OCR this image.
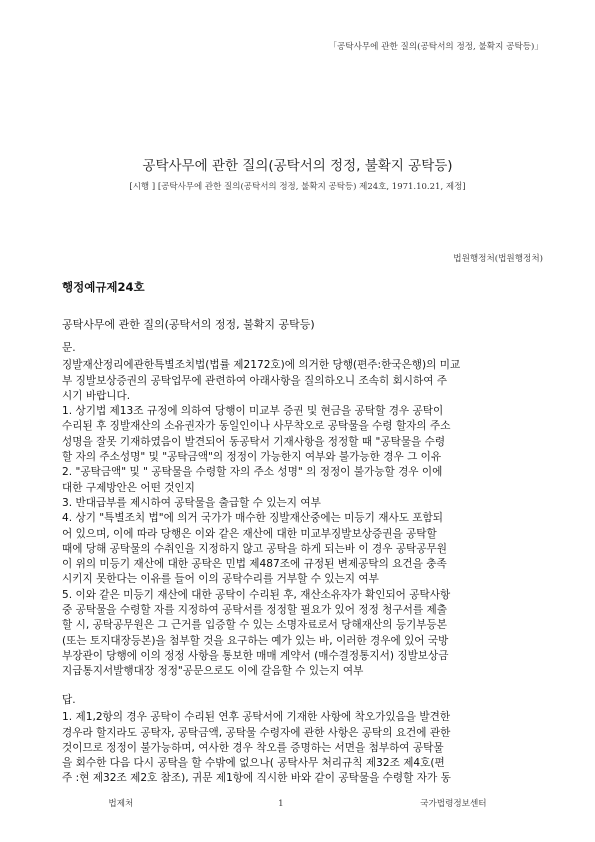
「공탁사무에 관한 질의(공탁서의 정정, 불확지 공탁등)」
공탁사무에 관한 질의(공탁서의 정정, 불확지 공탁등)
[시행 ] [공탁사무에 관한 질의(공탁서의 정정, 불확지 공탁등) 제24호, 1971.10.21, 제정]
법원행정처(법원행정처)
행정예규제24호
공탁사무에 관한 질의(공탁서의 정정, 불확지 공탁등)
문.
징발재산정리에관한특별조치법(법률 제2172호)에 의거한 당행(편주:한국은행)의 미교
부 징발보상증권의 공탁업무에 관련하여 아래사항을 질의하오니 조속히 회시하여 주
시기 바랍니다.
1. 상기법 제13조 규정에 의하여 당행이 미교부 증권 및 현금을 공탁할 경우 공탁이
수리된 후 징발재산의 소유권자가 동일인이나 사무착오로 공탁물을 수령 할자의 주소
성명을 잘못 기재하였음이 발견되어 동공탁서 기재사항을 정정할 때 "공탁물을 수령
할 자의 주소성명" 및 "공탁금액"의 정정이 가능한지 여부와 불가능한 경우 그 이유
2. "공탁금액" 및 " 공탁물을 수령할 자의 주소 성명" 의 정정이 불가능할 경우 이에
대한 구제방안은 어떤 것인지
3. 반대급부를 제시하여 공탁물을 출급할 수 있는지 여부
4. 상기 "특별조치 법"에 의거 국가가 매수한 징발재산중에는 미등기 재사도 포함되
어 있으며, 이에 따라 당행은 이와 같은 재산에 대한 미교부징발보상증권을 공탁할
때에 당해 공탁물의 수취인을 지정하지 않고 공탁을 하게 되는바 이 경우 공탁공무원
이 위의 미등기 재산에 대한 공탁은 민법 제487조에 규정된 변제공탁의 요건을 충족
시키지 못한다는 이유를 들어 이의 공탁수리를 거부할 수 있는지 여부
5. 이와 같은 미등기 재산에 대한 공탁이 수리된 후, 재산소유자가 확인되어 공탁사항
중 공탁물을 수령할 자를 지정하여 공탁서를 정정할 필요가 있어 정정 청구서를 제출
할 시, 공탁공무원은 그 근거를 입증할 수 있는 소명자료로서 당해재산의 등기부등본
(또는 토지대장등본)을 첨부할 것을 요구하는 예가 있는 바, 이러한 경우에 있어 국방
부장관이 당행에 이의 정정 사항을 통보한 매매 계약서 (매수결정통지서) 징발보상금
지급통지서발행대장 정정"공문으로도 이에 갈음할 수 있는지 여부
답.
1. 제1,2항의 경우 공탁이 수리된 연후 공탁서에 기재한 사항에 착오가있음을 발견한
경우라 할지라도 공탁자, 공탁금액, 공탁물 수령자에 관한 사항은 공탁의 요건에 관한
것이므로 정정이 불가능하며, 여사한 경우 착오를 증명하는 서면을 첨부하여 공탁물
을 회수한 다음 다시 공탁을 할 수밖에 없으나( 공탁사무 처리규칙 제32조 제4호(편
주 :현 제32조 제2호 참조), 귀문 제1항에 직시한 바와 같이 공탁물을 수령할 자가 동
법제처                                                     1                                                  국가법령정보센터
